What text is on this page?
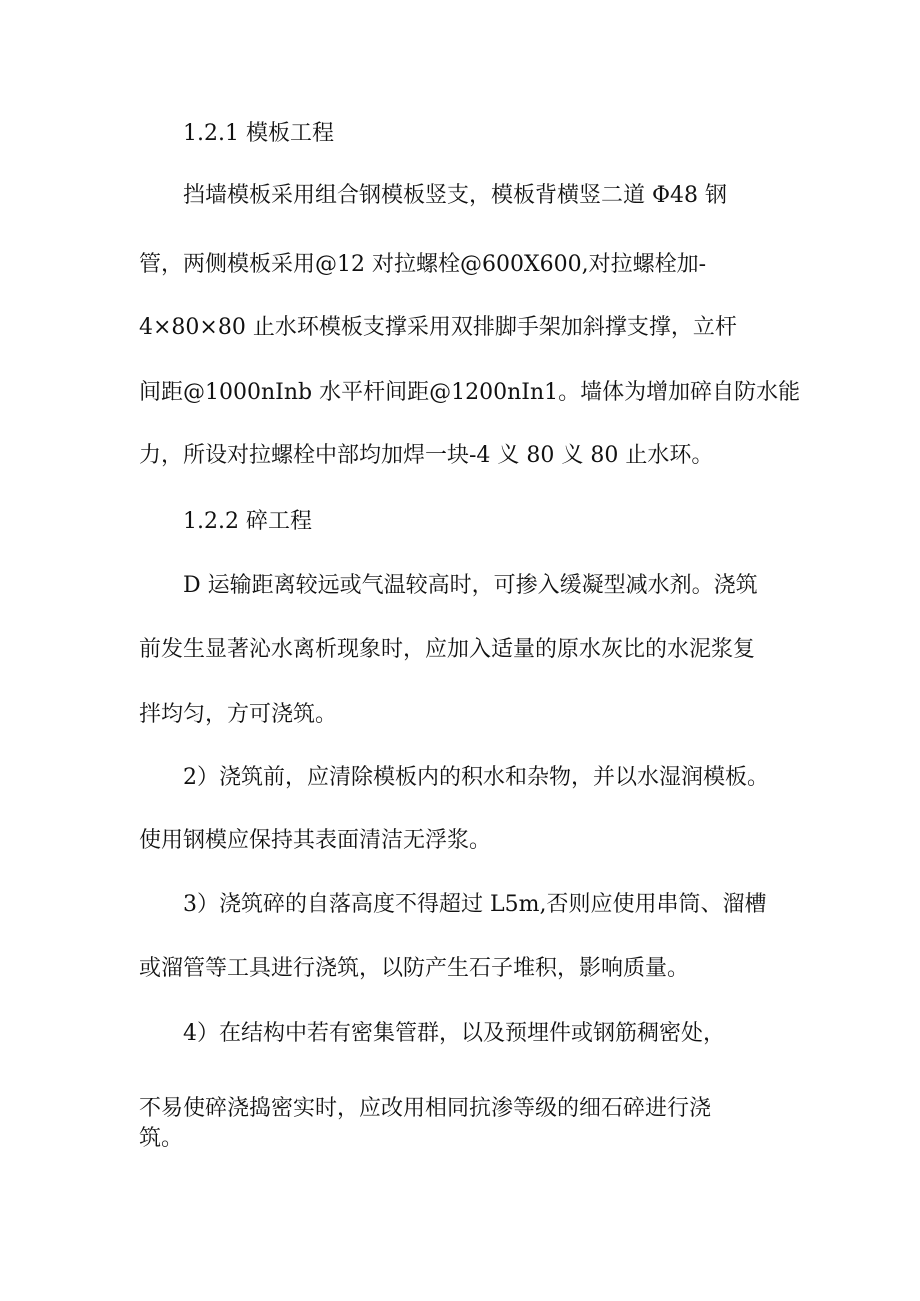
1.2.1 模板工程
挡墙模板采用组合钢模板竖支，模板背横竖二道 Φ48 钢
管，两侧模板采用@12 对拉螺栓@600X600,对拉螺栓加-
4×80×80 止水环模板支撑采用双排脚手架加斜撑支撑，立杆
间距@1000nInb 水平杆间距@1200nIn1。墙体为增加碎自防水能
力，所设对拉螺栓中部均加焊一块-4 义 80 义 80 止水环。
1.2.2 碎工程
D 运输距离较远或气温较高时，可掺入缓凝型减水剂。浇筑
前发生显著沁水离析现象时，应加入适量的原水灰比的水泥浆复
拌均匀，方可浇筑。
2）浇筑前，应清除模板内的积水和杂物，并以水湿润模板。
使用钢模应保持其表面清洁无浮浆。
3）浇筑碎的自落高度不得超过 L5m,否则应使用串筒、溜槽
或溜管等工具进行浇筑，以防产生石子堆积，影响质量。
4）在结构中若有密集管群，以及预埋件或钢筋稠密处，
不易使碎浇捣密实时，应改用相同抗渗等级的细石碎进行浇
筑。
